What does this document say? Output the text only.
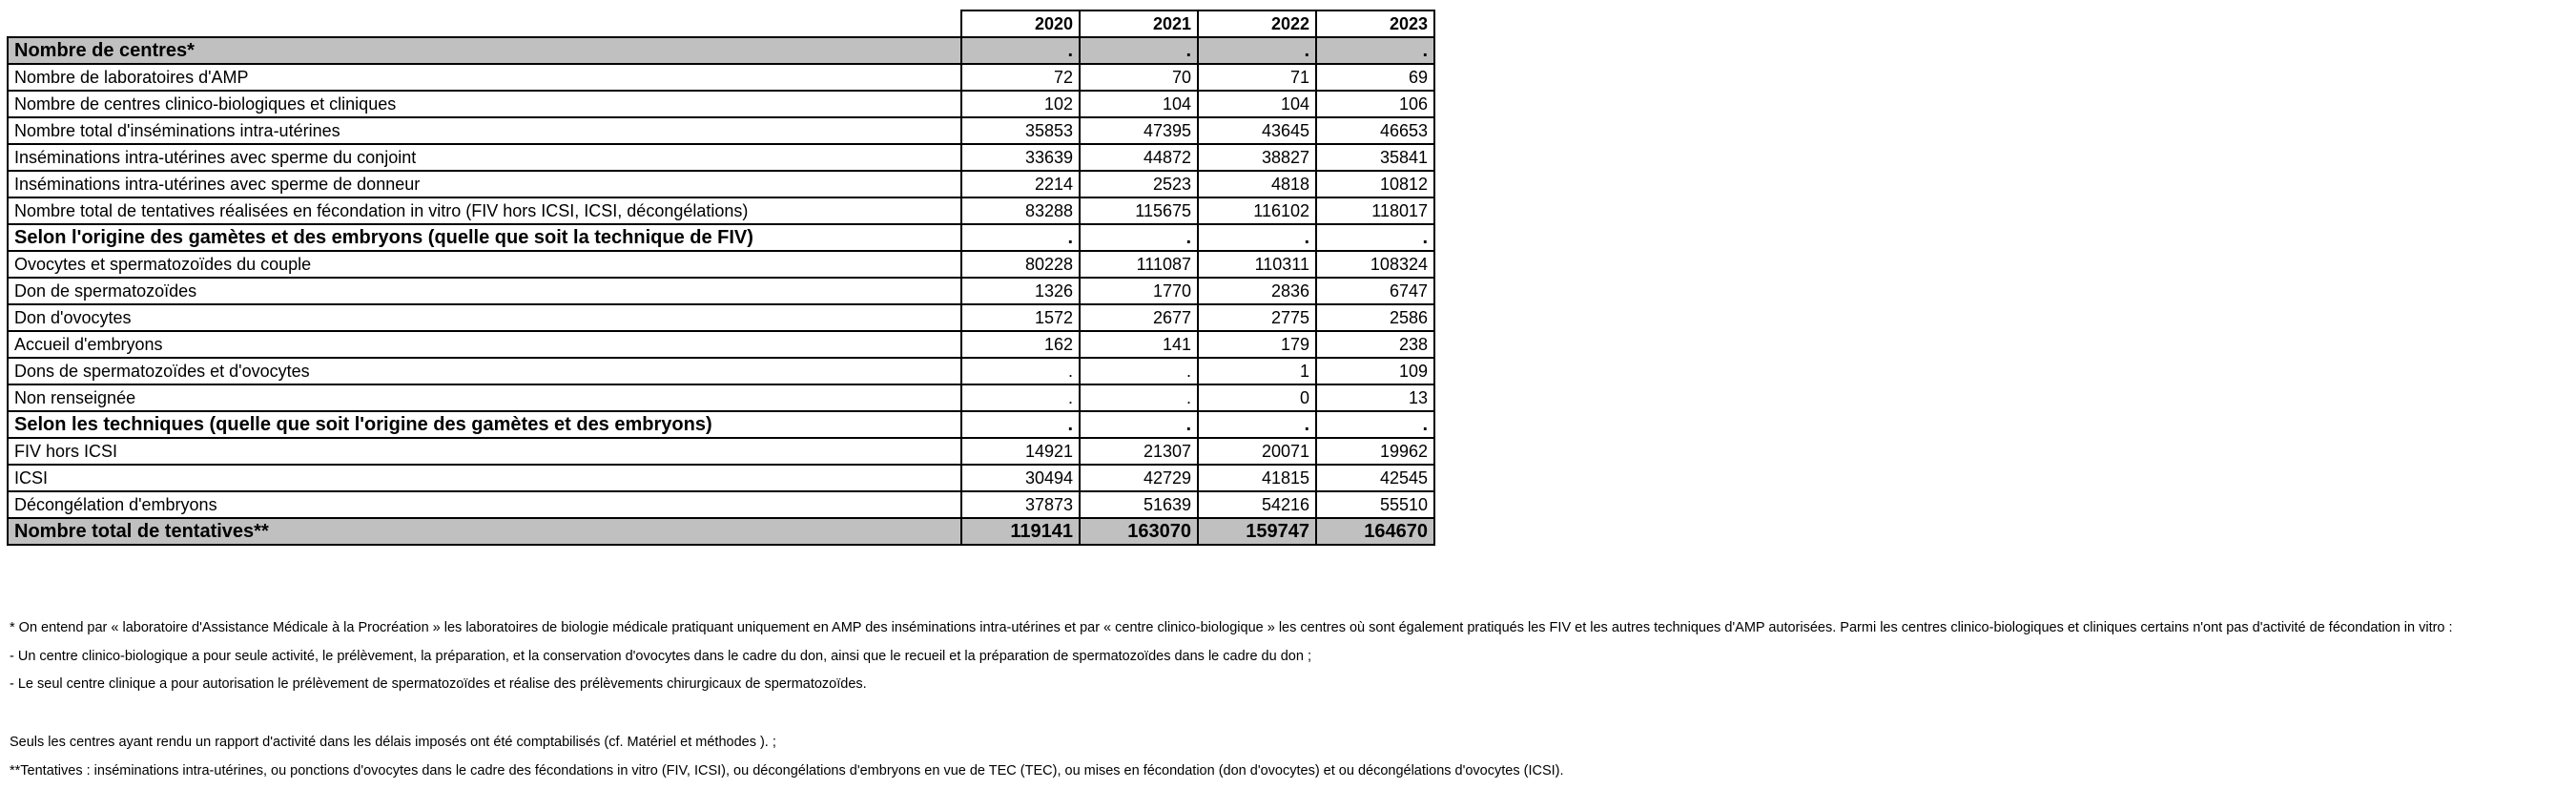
	2020	2021	2022	2023
Nombre de centres*	.	.	.	.
Nombre de laboratoires d'AMP	72	70	71	69
Nombre de centres clinico-biologiques et cliniques	102	104	104	106
Nombre total d'inséminations intra-utérines	35853	47395	43645	46653
Inséminations intra-utérines avec sperme du conjoint	33639	44872	38827	35841
Inséminations intra-utérines avec sperme de donneur	2214	2523	4818	10812
Nombre total de tentatives réalisées en fécondation in vitro (FIV hors ICSI, ICSI, décongélations)	83288	115675	116102	118017
Selon l'origine des gamètes et des embryons (quelle que soit la technique de FIV)	.	.	.	.
Ovocytes et spermatozoïdes du couple	80228	111087	110311	108324
Don de spermatozoïdes	1326	1770	2836	6747
Don d'ovocytes	1572	2677	2775	2586
Accueil d'embryons	162	141	179	238
Dons de spermatozoïdes et d'ovocytes	.	.	1	109
Non renseignée	.	.	0	13
Selon les techniques (quelle que soit l'origine des gamètes et des embryons)	.	.	.	.
FIV hors ICSI	14921	21307	20071	19962
ICSI	30494	42729	41815	42545
Décongélation d'embryons	37873	51639	54216	55510
Nombre total de tentatives**	119141	163070	159747	164670

* On entend par « laboratoire d'Assistance Médicale à la Procréation » les laboratoires de biologie médicale pratiquant uniquement en AMP des inséminations intra-utérines et par « centre clinico-biologique » les centres où sont également pratiqués les FIV et les autres techniques d'AMP autorisées. Parmi les centres clinico-biologiques et cliniques certains n'ont pas d'activité de fécondation in vitro :

- Un centre clinico-biologique a pour seule activité, le prélèvement, la préparation, et la conservation d'ovocytes dans le cadre du don, ainsi que le recueil et la préparation de spermatozoïdes dans le cadre du don ;

- Le seul centre clinique a pour autorisation le prélèvement de spermatozoïdes et réalise des prélèvements chirurgicaux de spermatozoïdes.

Seuls les centres ayant rendu un rapport d'activité dans les délais imposés ont été comptabilisés (cf. Matériel et méthodes ). ;

**Tentatives : inséminations intra-utérines, ou ponctions d'ovocytes dans le cadre des fécondations in vitro (FIV, ICSI), ou décongélations d'embryons en vue de TEC (TEC), ou mises en fécondation (don d'ovocytes) et ou décongélations d'ovocytes (ICSI).
